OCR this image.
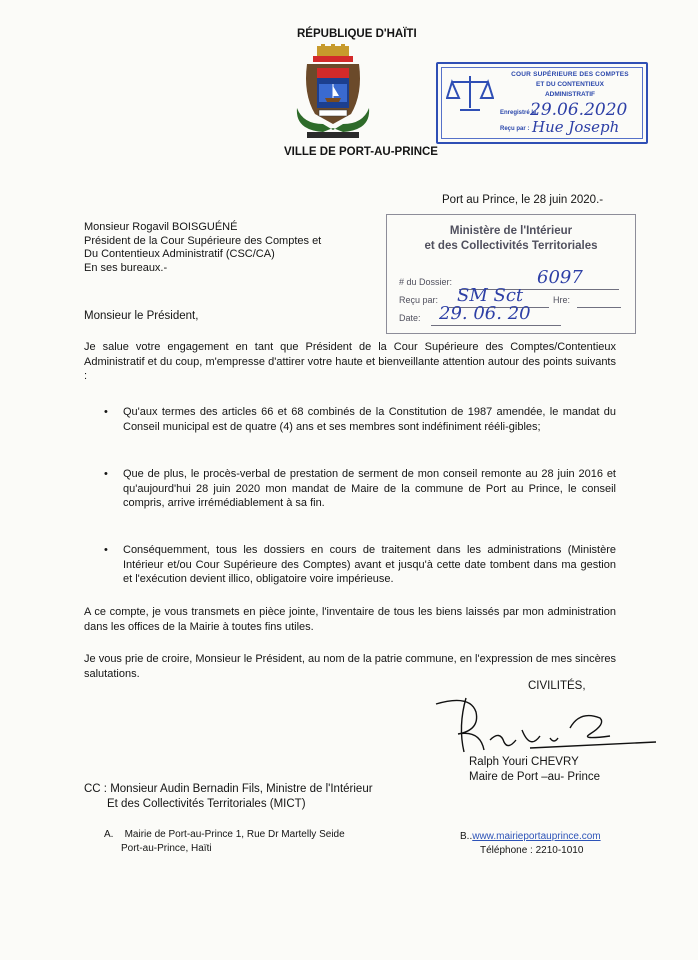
RÉPUBLIQUE D'HAÏTI
VILLE DE PORT-AU-PRINCE
COUR SUPÉRIEURE DES COMPTES
ET DU CONTENTIEUX
ADMINISTRATIF
Enregistré le
29.06.2020
Reçu par : Hue Joseph
Port au Prince, le 28 juin 2020.-
Monsieur Rogavil BOISGUÉNÉ
Président de la Cour Supérieure des Comptes et
Du Contentieux Administratif (CSC/CA)
En ses bureaux.-
Ministère de l'Intérieur
et des Collectivités Territoriales
# du Dossier:	6097
Reçu par: SM Sct	Hre:
Date: 29. 06. 20
Monsieur le Président,
Je salue votre engagement en tant que Président de la Cour Supérieure des Comptes/Contentieux Administratif et du coup, m'empresse d'attirer votre haute et bienveillante attention autour des points suivants :
• Qu'aux termes des articles 66 et 68 combinés de la Constitution de 1987 amendée, le mandat du Conseil municipal est de quatre (4) ans et ses membres sont indéfiniment rééli-gibles;
• Que de plus, le procès-verbal de prestation de serment de mon conseil remonte au 28 juin 2016 et qu'aujourd'hui 28 juin 2020 mon mandat de Maire de la commune de Port au Prince, le conseil compris, arrive irrémédiablement à sa fin.
• Conséquemment, tous les dossiers en cours de traitement dans les administrations (Ministère Intérieur et/ou Cour Supérieure des Comptes) avant et jusqu'à cette date tombent dans ma gestion et l'exécution devient illico, obligatoire voire impérieuse.
A ce compte, je vous transmets en pièce jointe, l'inventaire de tous les biens laissés par mon administration dans les offices de la Mairie à toutes fins utiles.
Je vous prie de croire, Monsieur le Président, au nom de la patrie commune, en l'expression de mes sincères salutations.
CIVILITÉS,
Ralph Youri CHEVRY
Maire de Port –au- Prince
CC : Monsieur Audin Bernadin Fils, Ministre de l'Intérieur
Et des Collectivités Territoriales (MICT)
A. Mairie de Port-au-Prince 1, Rue Dr Martelly Seide
Port-au-Prince, Haïti
B..www.mairieportauprince.com
Téléphone : 2210-1010
